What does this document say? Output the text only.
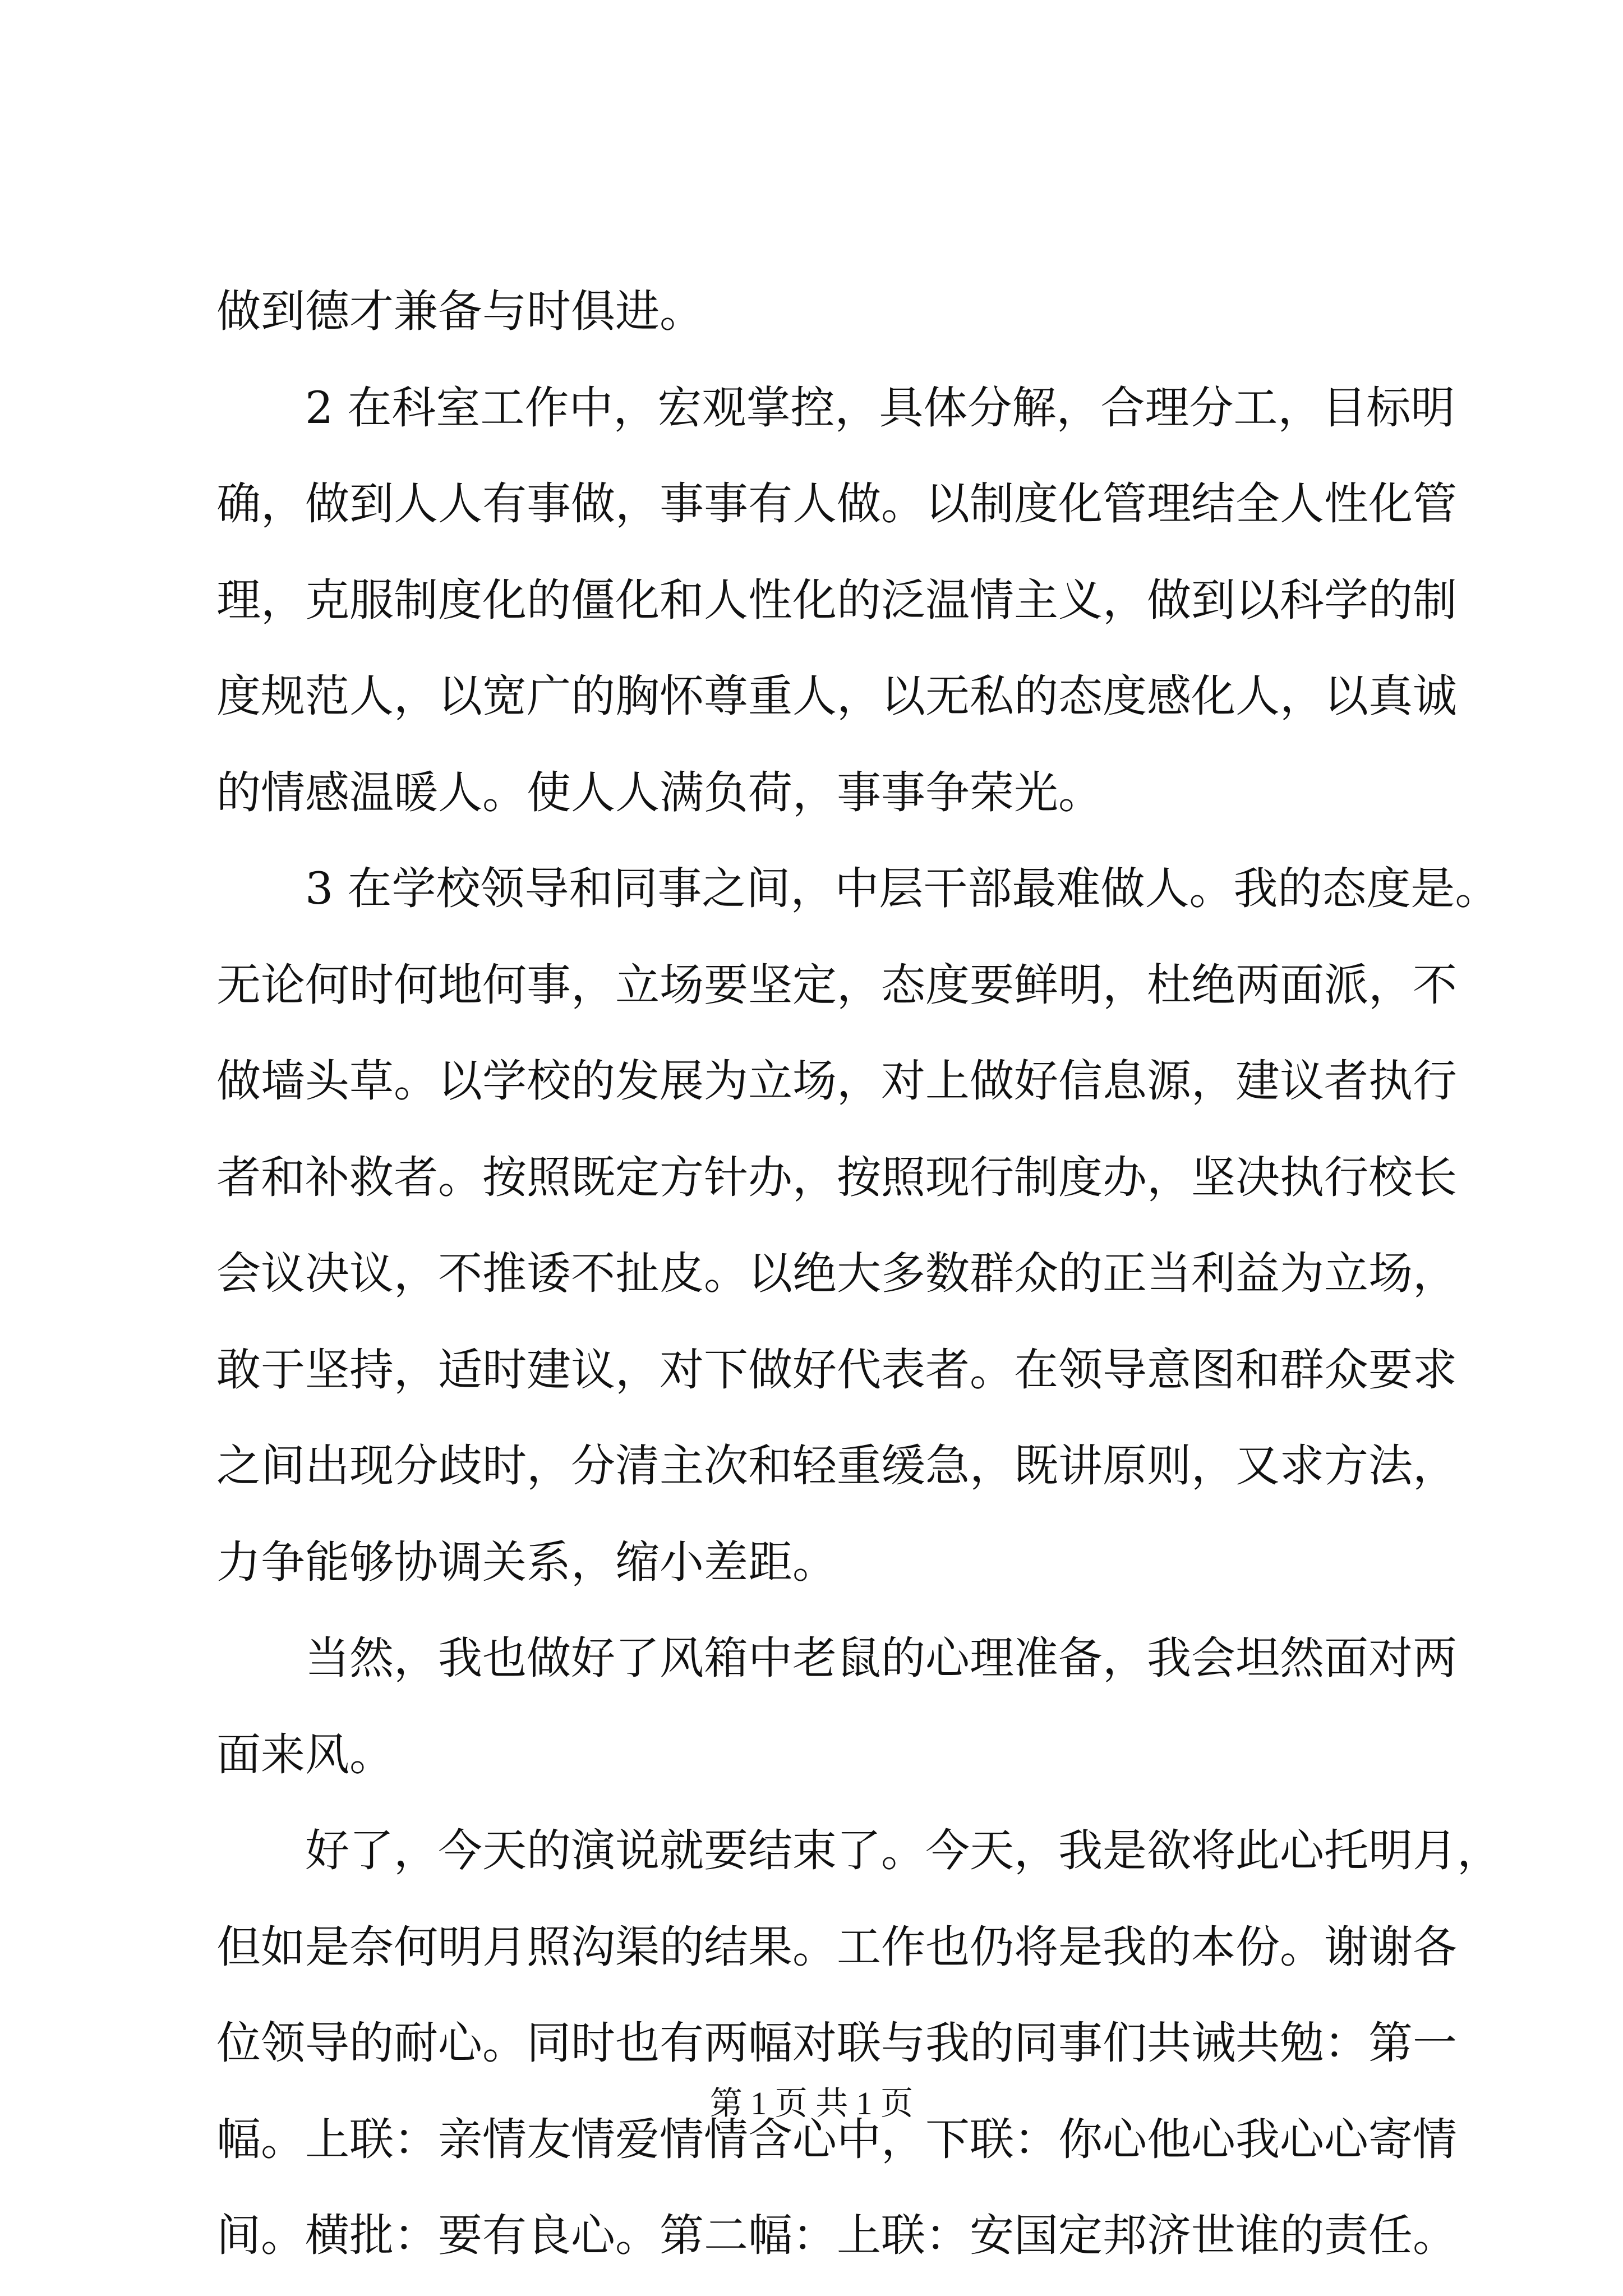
做到德才兼备与时俱进。
2 在科室工作中，宏观掌控，具体分解，合理分工，目标明
确，做到人人有事做，事事有人做。以制度化管理结全人性化管
理，克服制度化的僵化和人性化的泛温情主义，做到以科学的制
度规范人，以宽广的胸怀尊重人，以无私的态度感化人，以真诚
的情感温暖人。使人人满负荷，事事争荣光。
3 在学校领导和同事之间，中层干部最难做人。我的态度是。
无论何时何地何事，立场要坚定，态度要鲜明，杜绝两面派，不
做墙头草。以学校的发展为立场，对上做好信息源，建议者执行
者和补救者。按照既定方针办，按照现行制度办，坚决执行校长
会议决议，不推诿不扯皮。以绝大多数群众的正当利益为立场，
敢于坚持，适时建议，对下做好代表者。在领导意图和群众要求
之间出现分歧时，分清主次和轻重缓急，既讲原则，又求方法，
力争能够协调关系，缩小差距。
当然，我也做好了风箱中老鼠的心理准备，我会坦然面对两
面来风。
好了，今天的演说就要结束了。今天，我是欲将此心托明月，
但如是奈何明月照沟渠的结果。工作也仍将是我的本份。谢谢各
位领导的耐心。同时也有两幅对联与我的同事们共诫共勉：第一
幅。上联：亲情友情爱情情含心中，下联：你心他心我心心寄情
间。横批：要有良心。第二幅：上联：安国定邦济世谁的责任。
第 1 页 共 1 页
